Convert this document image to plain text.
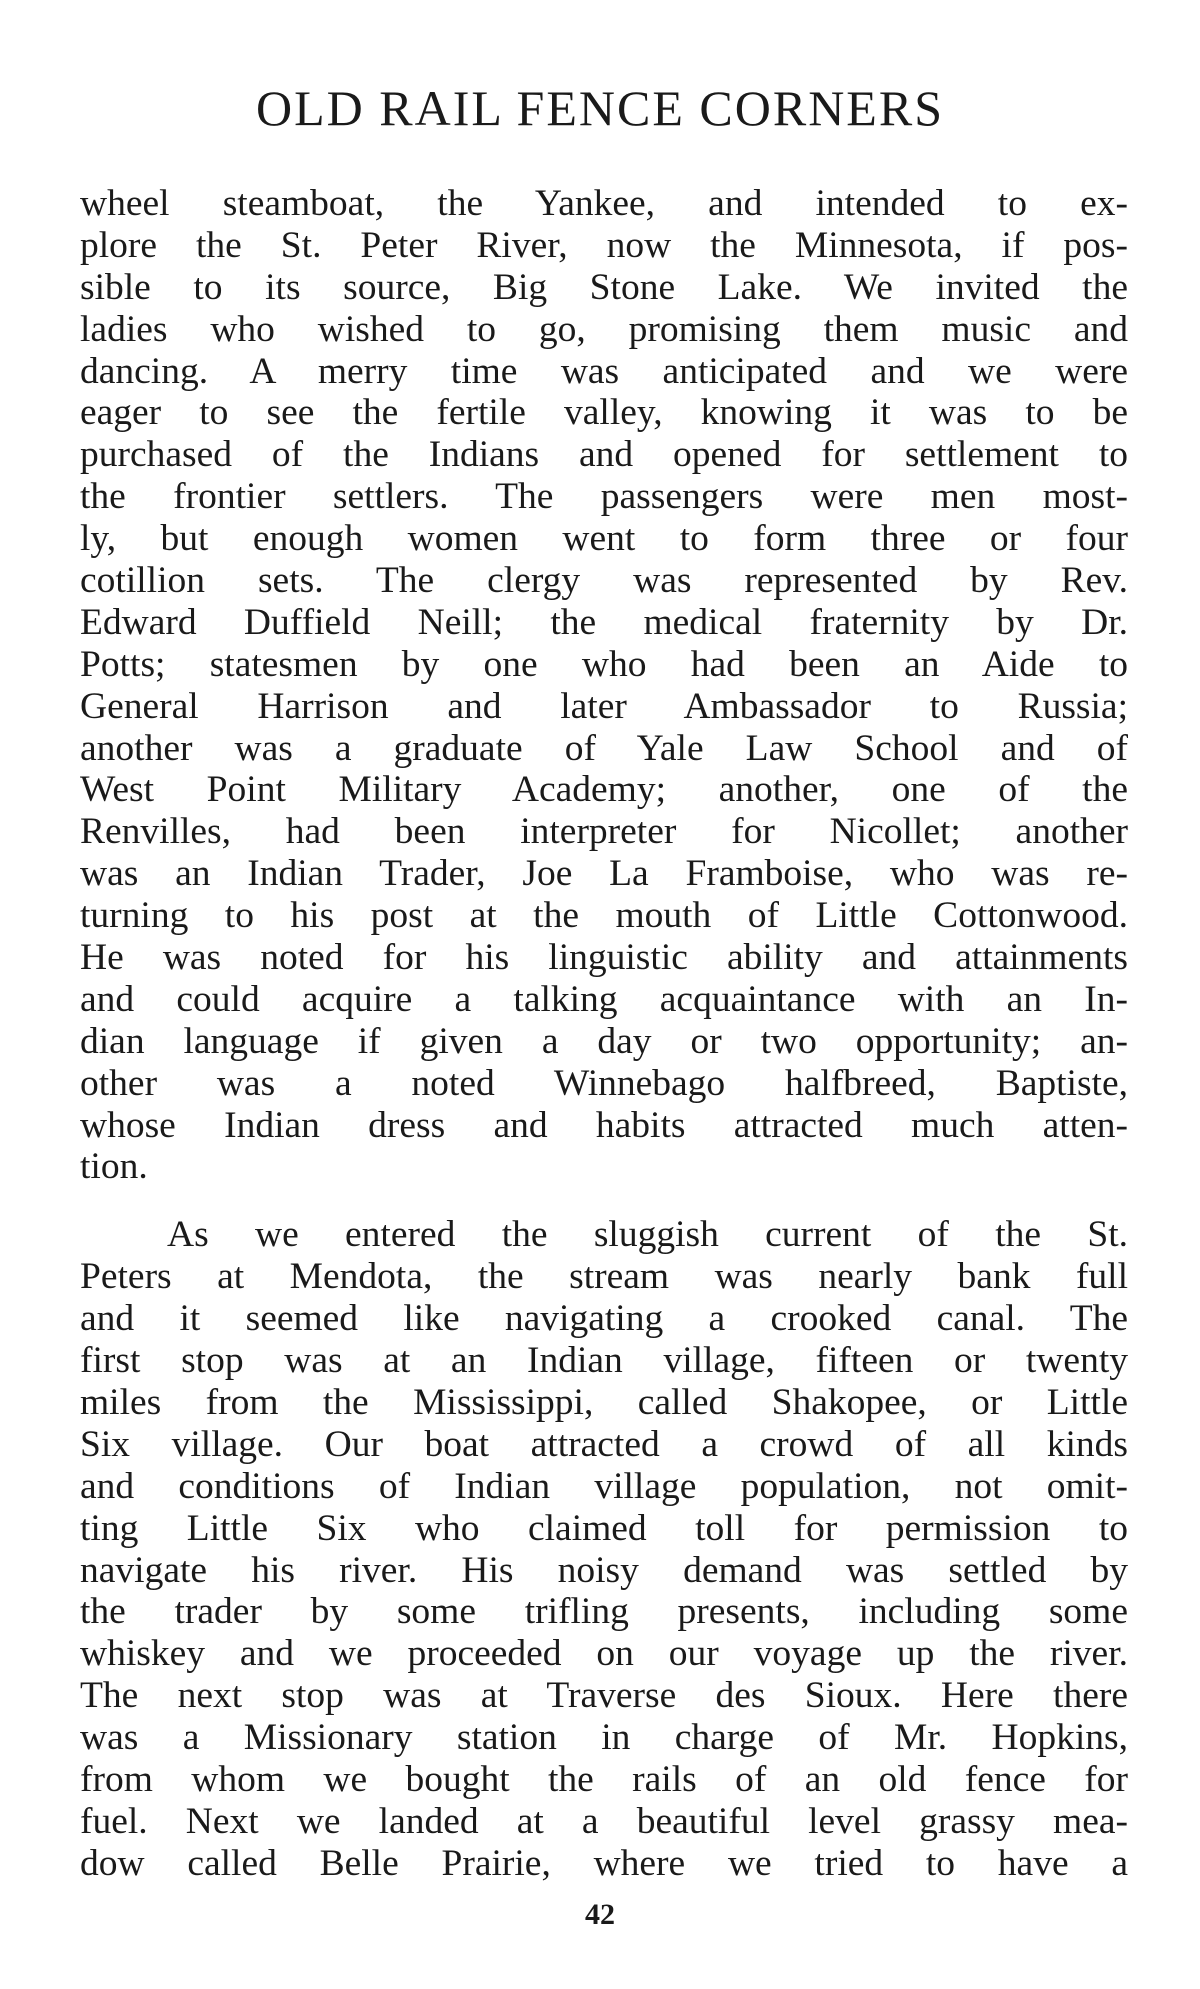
OLD RAIL FENCE CORNERS
wheel steamboat, the Yankee, and intended to ex-
plore the St. Peter River, now the Minnesota, if pos-
sible to its source, Big Stone Lake. We invited the
ladies who wished to go, promising them music and
dancing. A merry time was anticipated and we were
eager to see the fertile valley, knowing it was to be
purchased of the Indians and opened for settlement to
the frontier settlers. The passengers were men most-
ly, but enough women went to form three or four
cotillion sets. The clergy was represented by Rev.
Edward Duffield Neill; the medical fraternity by Dr.
Potts; statesmen by one who had been an Aide to
General Harrison and later Ambassador to Russia;
another was a graduate of Yale Law School and of
West Point Military Academy; another, one of the
Renvilles, had been interpreter for Nicollet; another
was an Indian Trader, Joe La Framboise, who was re-
turning to his post at the mouth of Little Cottonwood.
He was noted for his linguistic ability and attainments
and could acquire a talking acquaintance with an In-
dian language if given a day or two opportunity; an-
other was a noted Winnebago halfbreed, Baptiste,
whose Indian dress and habits attracted much atten-
tion.
As we entered the sluggish current of the St.
Peters at Mendota, the stream was nearly bank full
and it seemed like navigating a crooked canal. The
first stop was at an Indian village, fifteen or twenty
miles from the Mississippi, called Shakopee, or Little
Six village. Our boat attracted a crowd of all kinds
and conditions of Indian village population, not omit-
ting Little Six who claimed toll for permission to
navigate his river. His noisy demand was settled by
the trader by some trifling presents, including some
whiskey and we proceeded on our voyage up the river.
The next stop was at Traverse des Sioux. Here there
was a Missionary station in charge of Mr. Hopkins,
from whom we bought the rails of an old fence for
fuel. Next we landed at a beautiful level grassy mea-
dow called Belle Prairie, where we tried to have a
42
